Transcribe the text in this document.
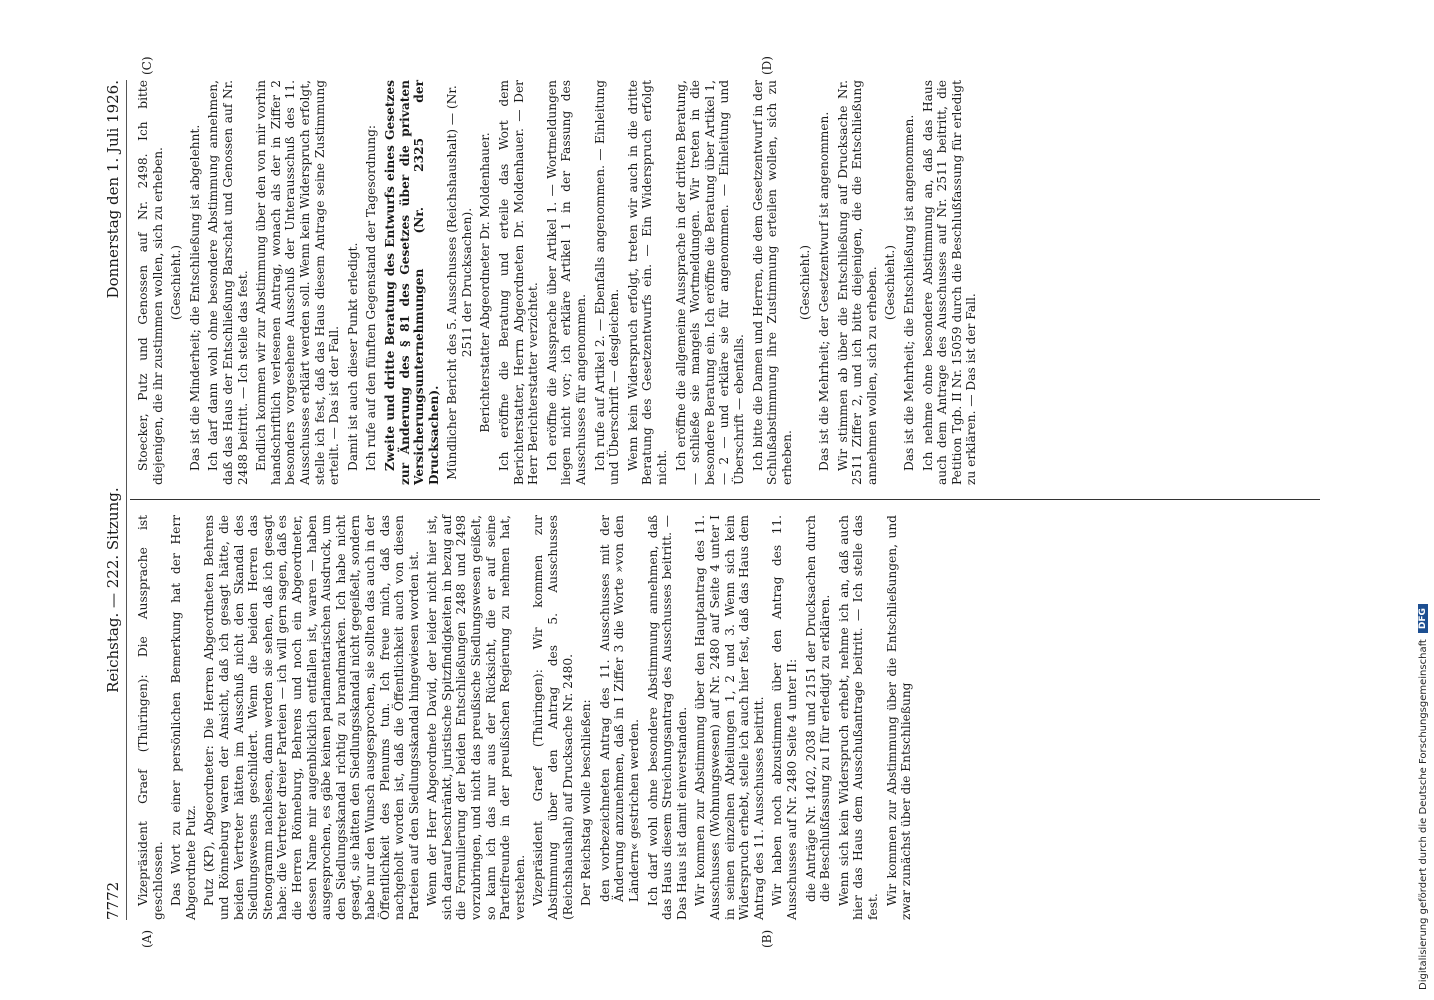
7772
Reichstag. — 222. Sitzung.
Donnerstag den 1. Juli 1926.
(A)	(B)
(C)	(D)

Vizepräsident Graef (Thüringen): Die Aussprache ist geschlossen. Das Wort zu einer persönlichen Bemerkung hat der Herr Abgeordnete Putz. Putz (KP), Abgeordneter: Die Herren Abgeordneten Behrens und Rönneburg waren der Ansicht, daß ich gesagt hätte, die beiden Vertreter hätten im Ausschuß nicht den Skandal des Siedlungswesens geschildert. Wenn die beiden Herren das Stenogramm nachlesen, dann werden sie sehen, daß ich gesagt habe: die Vertreter dreier Parteien — ich will gern sagen, daß es die Herren Rönneburg, Behrens und noch ein Abgeordneter, dessen Name mir augenblicklich entfallen ist, waren — haben ausgesprochen, es gäbe keinen parlamentarischen Ausdruck, um den Siedlungsskandal richtig zu brandmarken. Ich habe nicht gesagt, sie hätten den Siedlungsskandal nicht gegeißelt, sondern habe nur den Wunsch ausgesprochen, sie sollten das auch in der Öffentlichkeit des Plenums tun. Ich freue mich, daß das nachgeholt worden ist, daß die Öffentlichkeit auch von diesen Parteien auf den Siedlungsskandal hingewiesen worden ist. Wenn der Herr Abgeordnete David, der leider nicht hier ist, sich darauf beschränkt, juristische Spitzfindigkeiten in bezug auf die Formulierung der beiden Entschließungen 2488 und 2498 vorzubringen, und nicht das preußische Siedlungswesen geißelt, so kann ich das nur aus der Rücksicht, die er auf seine Parteifreunde in der preußischen Regierung zu nehmen hat, verstehen. Vizepräsident Graef (Thüringen): Wir kommen zur Abstimmung über den Antrag des 5. Ausschusses (Reichshaushalt) auf Drucksache Nr. 2480. Der Reichstag wolle beschließen: den vorbezeichneten Antrag des 11. Ausschusses mit der Änderung anzunehmen, daß in I Ziffer 3 die Worte »von den Ländern« gestrichen werden. Ich darf wohl ohne besondere Abstimmung annehmen, daß das Haus diesem Streichungsantrag des Ausschusses beitritt. — Das Haus ist damit einverstanden. Wir kommen zur Abstimmung über den Hauptantrag des 11. Ausschusses (Wohnungswesen) auf Nr. 2480 auf Seite 4 unter I in seinen einzelnen Abteilungen 1, 2 und 3. Wenn sich kein Widerspruch erhebt, stelle ich auch hier fest, daß das Haus dem Antrag des 11. Ausschusses beitritt. Wir haben noch abzustimmen über den Antrag des 11. Ausschusses auf Nr. 2480 Seite 4 unter II: die Anträge Nr. 1402, 2038 und 2151 der Drucksachen durch die Beschlußfassung zu I für erledigt zu erklären. Wenn sich kein Widerspruch erhebt, nehme ich an, daß auch hier das Haus dem Ausschußantrage beitritt. — Ich stelle das fest.

Wir kommen zur Abstimmung über die Entschließungen, und zwar zunächst über die Entschließung

Stoecker, Putz und Genossen auf Nr. 2498. Ich bitte diejenigen, die ihr zustimmen wollen, sich zu erheben. (Geschieht.) Das ist die Minderheit; die Entschließung ist abgelehnt. Ich darf dann wohl ohne besondere Abstimmung annehmen, daß das Haus der Entschließung Barschat und Genossen auf Nr. 2488 beitritt. — Ich stelle das fest. Endlich kommen wir zur Abstimmung über den von mir vorhin handschriftlich verlesenen Antrag, wonach als der in Ziffer 2 besonders vorgesehene Ausschuß der Unterausschuß des 11. Ausschusses erklärt werden soll. Wenn kein Widerspruch erfolgt, stelle ich fest, daß das Haus diesem Antrage seine Zustimmung erteilt. — Das ist der Fall. Damit ist auch dieser Punkt erledigt. Ich rufe auf den fünften Gegenstand der Tagesordnung: Zweite und dritte Beratung des Entwurfs eines Gesetzes zur Änderung des § 81 des Gesetzes über die privaten Versicherungsunternehmungen (Nr. 2325 der Drucksachen). Mündlicher Bericht des 5. Ausschusses (Reichshaushalt) — (Nr. 2511 der Drucksachen). Berichterstatter Abgeordneter Dr. Moldenhauer. Ich eröffne die Beratung und erteile das Wort dem Berichterstatter, Herrn Abgeordneten Dr. Moldenhauer. — Der Herr Berichterstatter verzichtet. Ich eröffne die Aussprache über Artikel 1. — Wortmeldungen liegen nicht vor; ich erkläre Artikel 1 in der Fassung des Ausschusses für angenommen. Ich rufe auf Artikel 2. — Ebenfalls angenommen. — Einleitung und Überschrift — desgleichen. Wenn kein Widerspruch erfolgt, treten wir auch in die dritte Beratung des Gesetzentwurfs ein. — Ein Widerspruch erfolgt nicht. Ich eröffne die allgemeine Aussprache in der dritten Beratung, — schließe sie mangels Wortmeldungen. Wir treten in die besondere Beratung ein. Ich eröffne die Beratung über Artikel 1, — 2 — und erkläre sie für angenommen. — Einleitung und Überschrift — ebenfalls. Ich bitte die Damen und Herren, die dem Gesetzentwurf in der Schlußabstimmung ihre Zustimmung erteilen wollen, sich zu erheben.

(Geschieht.) Das ist die Mehrheit; der Gesetzentwurf ist angenommen. Wir stimmen ab über die Entschließung auf Drucksache Nr. 2511 Ziffer 2, und ich bitte diejenigen, die die Entschließung annehmen wollen, sich zu erheben. (Geschieht.) Das ist die Mehrheit; die Entschließung ist angenommen. Ich nehme ohne besondere Abstimmung an, daß das Haus auch dem Antrage des Ausschusses auf Nr. 2511 beitritt, die Petition Tgb. II Nr. 15059 durch die Beschlußfassung für erledigt zu erklären. — Das ist der Fall.

Digitalisierung gefördert durch die Deutsche Forschungsgemeinschaft
DFG
